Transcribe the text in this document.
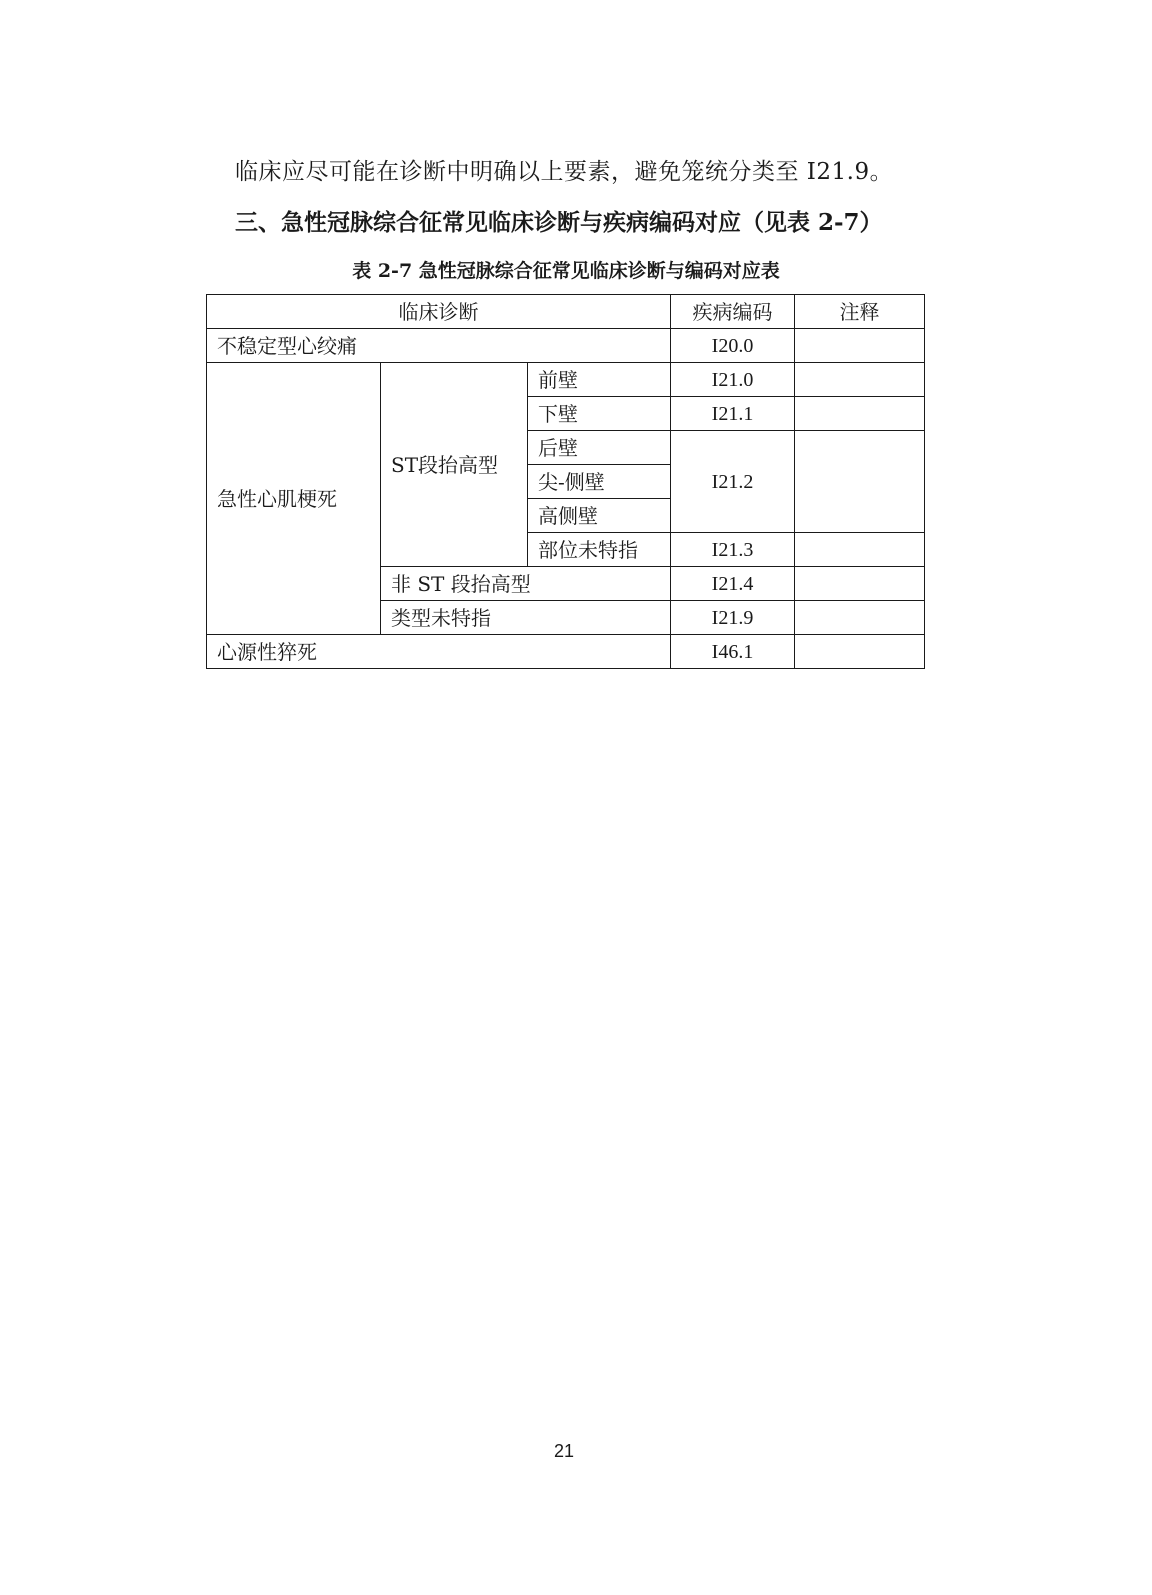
临床应尽可能在诊断中明确以上要素，避免笼统分类至 I21.9。
三、急性冠脉综合征常见临床诊断与疾病编码对应（见表 2-7）
表 2-7 急性冠脉综合征常见临床诊断与编码对应表
临床诊断			疾病编码	注释
不稳定型心绞痛			I20.0	
急性心肌梗死	ST段抬高型	前壁	I21.0	
		下壁	I21.1	
		后壁	I21.2	
		尖-侧壁		
		高侧壁		
		部位未特指	I21.3	
	非 ST 段抬高型		I21.4	
	类型未特指		I21.9	
心源性猝死			I46.1	
21
